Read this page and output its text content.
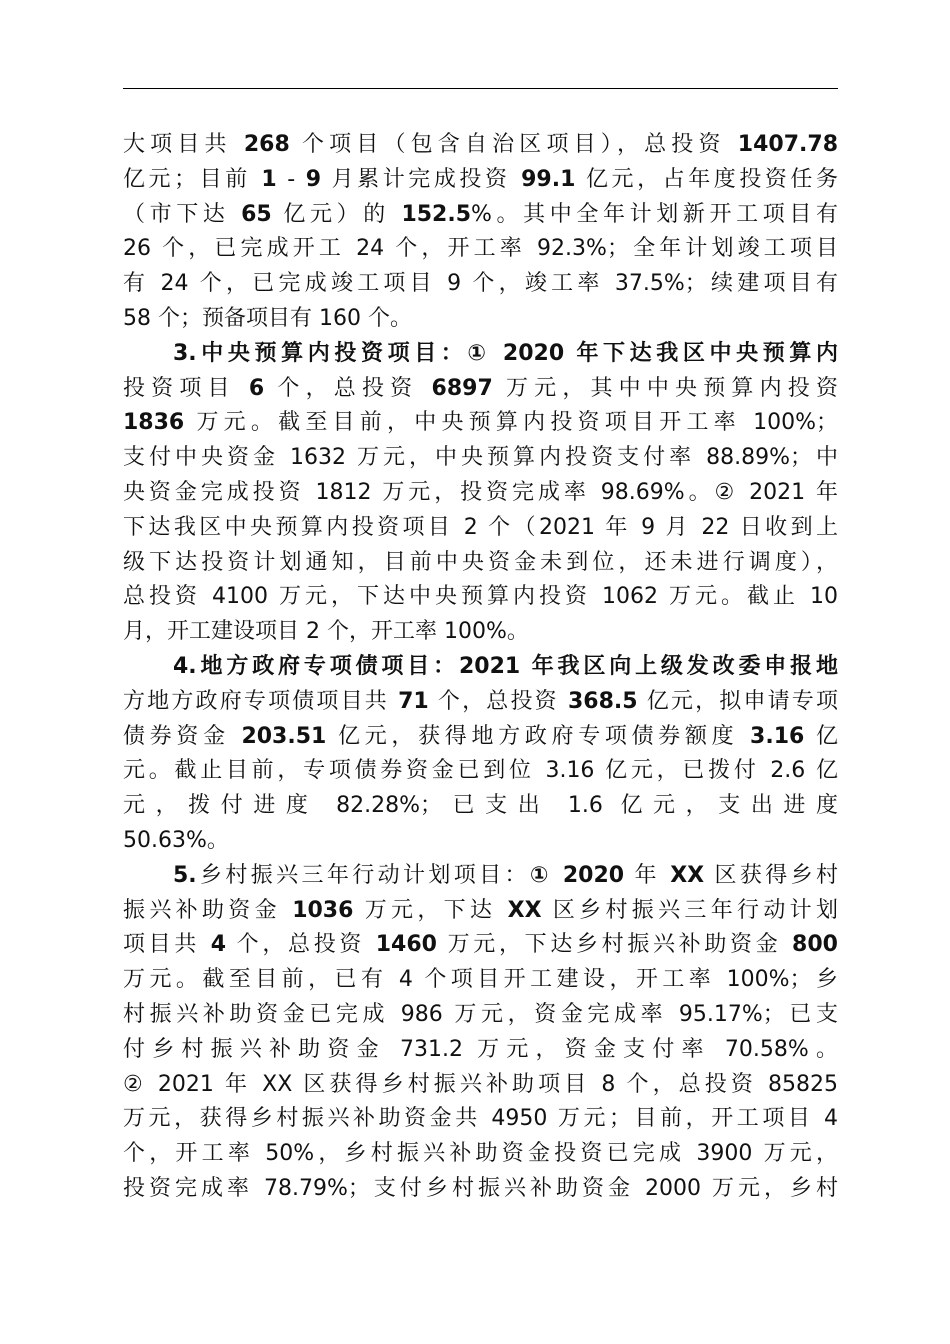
大项目共 268 个项目（包含自治区项目），总投资 1407.78
亿元；目前 1 - 9 月累计完成投资 99.1 亿元，占年度投资任务
（市下达 65 亿元）的 152.5%。其中全年计划新开工项目有
26 个，已完成开工 24 个，开工率 92.3%；全年计划竣工项目
有 24 个，已完成竣工项目 9 个，竣工率 37.5%；续建项目有
58 个；预备项目有 160 个。
3.中央预算内投资项目：① 2020 年下达我区中央预算内
投资项目 6 个，总投资 6897 万元，其中中央预算内投资
1836 万元。截至目前，中央预算内投资项目开工率 100%；
支付中央资金 1632 万元，中央预算内投资支付率 88.89%；中
央资金完成投资 1812 万元，投资完成率 98.69%。② 2021 年
下达我区中央预算内投资项目 2 个（2021 年 9 月 22 日收到上
级下达投资计划通知，目前中央资金未到位，还未进行调度），
总投资 4100 万元，下达中央预算内投资 1062 万元。截止 10
月，开工建设项目 2 个，开工率 100%。
4.地方政府专项债项目：2021 年我区向上级发改委申报地
方地方政府专项债项目共 71 个，总投资 368.5 亿元，拟申请专项
债券资金 203.51 亿元，获得地方政府专项债券额度 3.16 亿
元。截止目前，专项债券资金已到位 3.16 亿元，已拨付 2.6 亿
元，拨付进度 82.28%；已支出 1.6 亿元，支出进度
50.63%。
5.乡村振兴三年行动计划项目：① 2020 年 XX 区获得乡村
振兴补助资金 1036 万元，下达 XX 区乡村振兴三年行动计划
项目共 4 个，总投资 1460 万元，下达乡村振兴补助资金 800
万元。截至目前，已有 4 个项目开工建设，开工率 100%；乡
村振兴补助资金已完成 986 万元，资金完成率 95.17%；已支
付乡村振兴补助资金 731.2 万元，资金支付率 70.58%。
② 2021 年 XX 区获得乡村振兴补助项目 8 个，总投资 85825
万元，获得乡村振兴补助资金共 4950 万元；目前，开工项目 4
个，开工率 50%，乡村振兴补助资金投资已完成 3900 万元，
投资完成率 78.79%；支付乡村振兴补助资金 2000 万元，乡村
